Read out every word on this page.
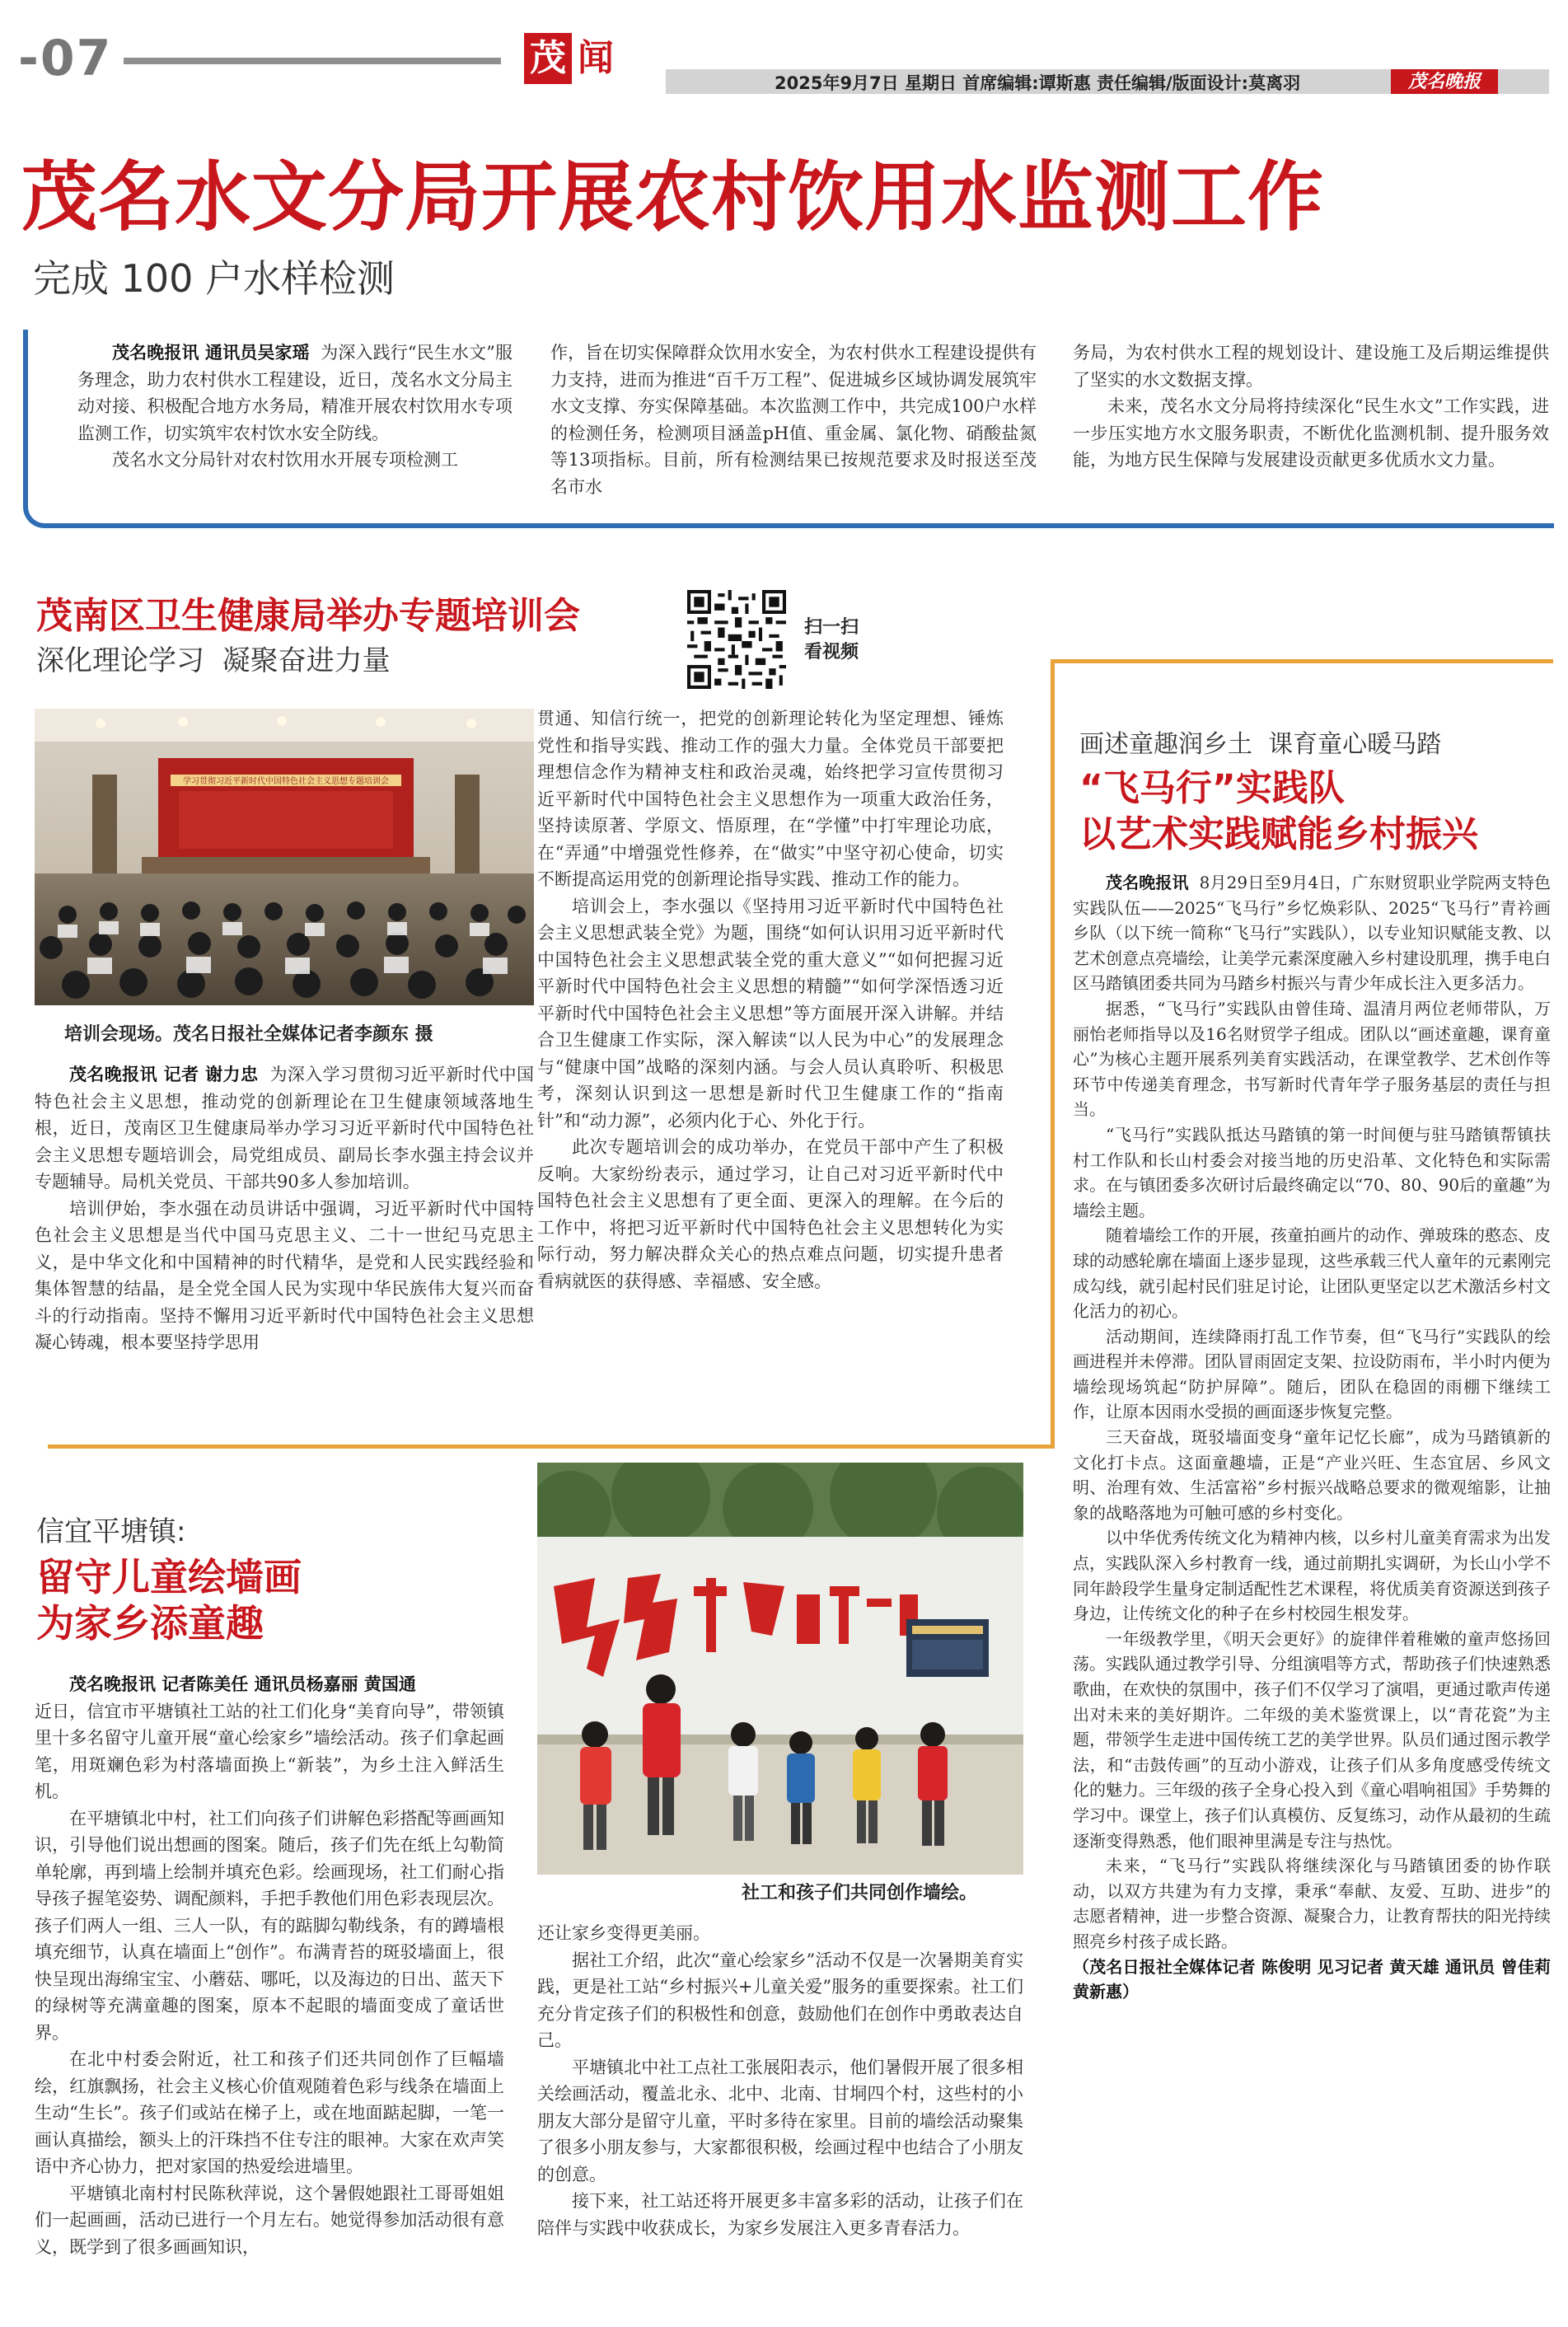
-07	茂 闻
2025年9月7日 星期日 首席编辑:谭斯惠 责任编辑/版面设计:莫离羽	茂名晚报
茂名水文分局开展农村饮用水监测工作
完成 100 户水样检测

茂名晚报讯 通讯员吴家瑶 为深入践行“民生水文”服务理念，助力农村供水工程建设，近日，茂名水文分局主动对接、积极配合地方水务局，精准开展农村饮用水专项监测工作，切实筑牢农村饮水安全防线。

茂名水文分局针对农村饮用水开展专项检测工

作，旨在切实保障群众饮用水安全，为农村供水工程建设提供有力支持，进而为推进“百千万工程”、促进城乡区域协调发展筑牢水文支撑、夯实保障基础。本次监测工作中，共完成100户水样的检测任务，检测项目涵盖pH值、重金属、氯化物、硝酸盐氮等13项指标。目前，所有检测结果已按规范要求及时报送至茂名市水

务局，为农村供水工程的规划设计、建设施工及后期运维提供了坚实的水文数据支撑。

未来，茂名水文分局将持续深化“民生水文”工作实践，进一步压实地方水文服务职责，不断优化监测机制、提升服务效能，为地方民生保障与发展建设贡献更多优质水文力量。

茂南区卫生健康局举办专题培训会
深化理论学习  凝聚奋进力量
扫一扫
看视频
学习贯彻习近平新时代中国特色社会主义思想专题培训会
培训会现场。茂名日报社全媒体记者李颜东 摄

茂名晚报讯 记者 谢力忠 为深入学习贯彻习近平新时代中国特色社会主义思想，推动党的创新理论在卫生健康领域落地生根，近日，茂南区卫生健康局举办学习习近平新时代中国特色社会主义思想专题培训会，局党组成员、副局长李水强主持会议并专题辅导。局机关党员、干部共90多人参加培训。

培训伊始，李水强在动员讲话中强调，习近平新时代中国特色社会主义思想是当代中国马克思主义、二十一世纪马克思主义，是中华文化和中国精神的时代精华，是党和人民实践经验和集体智慧的结晶，是全党全国人民为实现中华民族伟大复兴而奋斗的行动指南。坚持不懈用习近平新时代中国特色社会主义思想凝心铸魂，根本要坚持学思用

贯通、知信行统一，把党的创新理论转化为坚定理想、锤炼党性和指导实践、推动工作的强大力量。全体党员干部要把理想信念作为精神支柱和政治灵魂，始终把学习宣传贯彻习近平新时代中国特色社会主义思想作为一项重大政治任务，坚持读原著、学原文、悟原理，在“学懂”中打牢理论功底，在“弄通”中增强党性修养，在“做实”中坚守初心使命，切实不断提高运用党的创新理论指导实践、推动工作的能力。

培训会上，李水强以《坚持用习近平新时代中国特色社会主义思想武装全党》为题，围绕“如何认识用习近平新时代中国特色社会主义思想武装全党的重大意义”“如何把握习近平新时代中国特色社会主义思想的精髓”“如何学深悟透习近平新时代中国特色社会主义思想”等方面展开深入讲解。并结合卫生健康工作实际，深入解读“以人民为中心”的发展理念与“健康中国”战略的深刻内涵。与会人员认真聆听、积极思考，深刻认识到这一思想是新时代卫生健康工作的“指南针”和“动力源”，必须内化于心、外化于行。

此次专题培训会的成功举办，在党员干部中产生了积极反响。大家纷纷表示，通过学习，让自己对习近平新时代中国特色社会主义思想有了更全面、更深入的理解。在今后的工作中，将把习近平新时代中国特色社会主义思想转化为实际行动，努力解决群众关心的热点难点问题，切实提升患者看病就医的获得感、幸福感、安全感。

信宜平塘镇:
留守儿童绘墙画
为家乡添童趣
社工和孩子们共同创作墙绘。

茂名晚报讯 记者陈美任 通讯员杨嘉丽 黄国通

近日，信宜市平塘镇社工站的社工们化身“美育向导”，带领镇里十多名留守儿童开展“童心绘家乡”墙绘活动。孩子们拿起画笔，用斑斓色彩为村落墙面换上“新装”，为乡土注入鲜活生机。

在平塘镇北中村，社工们向孩子们讲解色彩搭配等画画知识，引导他们说出想画的图案。随后，孩子们先在纸上勾勒简单轮廓，再到墙上绘制并填充色彩。绘画现场，社工们耐心指导孩子握笔姿势、调配颜料，手把手教他们用色彩表现层次。孩子们两人一组、三人一队，有的踮脚勾勒线条，有的蹲墙根填充细节，认真在墙面上“创作”。布满青苔的斑驳墙面上，很快呈现出海绵宝宝、小蘑菇、哪吒，以及海边的日出、蓝天下的绿树等充满童趣的图案，原本不起眼的墙面变成了童话世界。

在北中村委会附近，社工和孩子们还共同创作了巨幅墙绘，红旗飘扬，社会主义核心价值观随着色彩与线条在墙面上生动“生长”。孩子们或站在梯子上，或在地面踮起脚，一笔一画认真描绘，额头上的汗珠挡不住专注的眼神。大家在欢声笑语中齐心协力，把对家国的热爱绘进墙里。

平塘镇北南村村民陈秋萍说，这个暑假她跟社工哥哥姐姐们一起画画，活动已进行一个月左右。她觉得参加活动很有意义，既学到了很多画画知识，

还让家乡变得更美丽。

据社工介绍，此次“童心绘家乡”活动不仅是一次暑期美育实践，更是社工站“乡村振兴+儿童关爱”服务的重要探索。社工们充分肯定孩子们的积极性和创意，鼓励他们在创作中勇敢表达自己。

平塘镇北中社工点社工张展阳表示，他们暑假开展了很多相关绘画活动，覆盖北永、北中、北南、甘垌四个村，这些村的小朋友大部分是留守儿童，平时多待在家里。目前的墙绘活动聚集了很多小朋友参与，大家都很积极，绘画过程中也结合了小朋友的创意。

接下来，社工站还将开展更多丰富多彩的活动，让孩子们在陪伴与实践中收获成长，为家乡发展注入更多青春活力。

画述童趣润乡土  课育童心暖马踏
“飞马行”实践队
以艺术实践赋能乡村振兴

茂名晚报讯 8月29日至9月4日，广东财贸职业学院两支特色实践队伍——2025“飞马行”乡忆焕彩队、2025“飞马行”青衿画乡队（以下统一简称“飞马行”实践队），以专业知识赋能支教、以艺术创意点亮墙绘，让美学元素深度融入乡村建设肌理，携手电白区马踏镇团委共同为马踏乡村振兴与青少年成长注入更多活力。

据悉，“飞马行”实践队由曾佳琦、温清月两位老师带队，万丽怡老师指导以及16名财贸学子组成。团队以“画述童趣，课育童心”为核心主题开展系列美育实践活动，在课堂教学、艺术创作等环节中传递美育理念，书写新时代青年学子服务基层的责任与担当。

“飞马行”实践队抵达马踏镇的第一时间便与驻马踏镇帮镇扶村工作队和长山村委会对接当地的历史沿革、文化特色和实际需求。在与镇团委多次研讨后最终确定以“70、80、90后的童趣”为墙绘主题。

随着墙绘工作的开展，孩童拍画片的动作、弹玻珠的憨态、皮球的动感轮廓在墙面上逐步显现，这些承载三代人童年的元素刚完成勾线，就引起村民们驻足讨论，让团队更坚定以艺术激活乡村文化活力的初心。

活动期间，连续降雨打乱工作节奏，但“飞马行”实践队的绘画进程并未停滞。团队冒雨固定支架、拉设防雨布，半小时内便为墙绘现场筑起“防护屏障”。随后，团队在稳固的雨棚下继续工作，让原本因雨水受损的画面逐步恢复完整。

三天奋战，斑驳墙面变身“童年记忆长廊”，成为马踏镇新的文化打卡点。这面童趣墙，正是“产业兴旺、生态宜居、乡风文明、治理有效、生活富裕”乡村振兴战略总要求的微观缩影，让抽象的战略落地为可触可感的乡村变化。

以中华优秀传统文化为精神内核，以乡村儿童美育需求为出发点，实践队深入乡村教育一线，通过前期扎实调研，为长山小学不同年龄段学生量身定制适配性艺术课程，将优质美育资源送到孩子身边，让传统文化的种子在乡村校园生根发芽。

一年级教学里，《明天会更好》的旋律伴着稚嫩的童声悠扬回荡。实践队通过教学引导、分组演唱等方式，帮助孩子们快速熟悉歌曲，在欢快的氛围中，孩子们不仅学习了演唱，更通过歌声传递出对未来的美好期许。二年级的美术鉴赏课上，以“青花瓷”为主题，带领学生走进中国传统工艺的美学世界。队员们通过图示教学法，和“击鼓传画”的互动小游戏，让孩子们从多角度感受传统文化的魅力。三年级的孩子全身心投入到《童心唱响祖国》手势舞的学习中。课堂上，孩子们认真模仿、反复练习，动作从最初的生疏逐渐变得熟悉，他们眼神里满是专注与热忱。

未来，“飞马行”实践队将继续深化与马踏镇团委的协作联动，以双方共建为有力支撑，秉承“奉献、友爱、互助、进步”的志愿者精神，进一步整合资源、凝聚合力，让教育帮扶的阳光持续照亮乡村孩子成长路。

（茂名日报社全媒体记者 陈俊明 见习记者 黄天雄 通讯员 曾佳莉 黄新惠）
